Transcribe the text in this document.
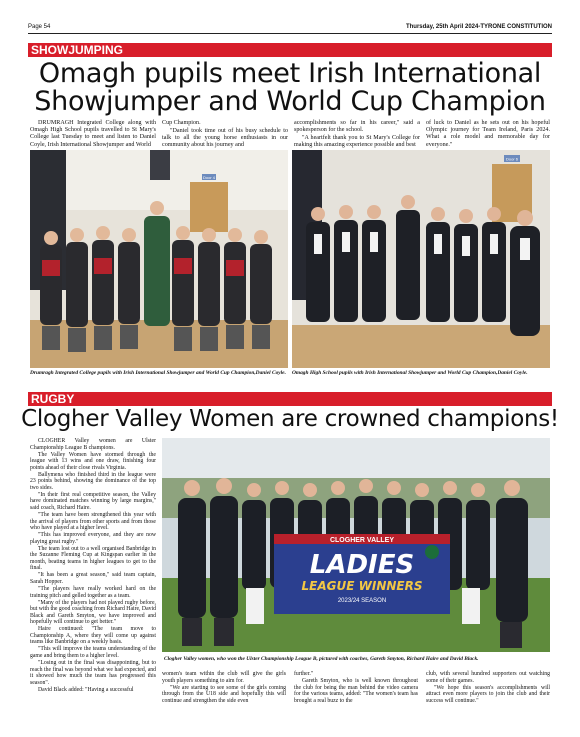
Page 54	Thursday, 25th April 2024-TYRONE CONSTITUTION
SHOWJUMPING
Omagh pupils meet Irish International
Showjumper and World Cup Champion

DRUMRAGH Integrated College along with Omagh High School pupils travelled to St Mary's College last Tuesday to meet and listen to Daniel Coyle, Irish International Showjumper and World

Cup Champion.

"Daniel took time out of his busy schedule to talk to all the young horse enthusiasts in our community about his journey and

accomplishments so far in his career," said a spokesperson for the school.

"A heartfelt thank you to St Mary's College for making this amazing experience possible and best

of luck to Daniel as he sets out on his hopeful Olympic journey for Team Ireland, Paris 2024. What a role model and memorable day for everyone."

Door 4
Door 6
Drumragh Integrated College pupils with Irish International Showjumper and World Cup Champion,Daniel Coyle.	Omagh High School pupils with Irish International Showjumper and World Cup Champion,Daniel Coyle.
RUGBY
Clogher Valley Women are crowned champions!

CLOGHER Valley women are Ulster Championship League B champions.

The Valley Women have stormed through the league with 13 wins and one draw, finishing four points ahead of their close rivals Virginia.

Ballymena who finished third in the league were 23 points behind, showing the dominance of the top two sides.

"In their first real competitive season, the Valley have dominated matches winning by large margins," said coach, Richard Haire.

"The team have been strengthened this year with the arrival of players from other sports and from those who have played at a higher level.

"This has improved everyone, and they are now playing great rugby."

The team lost out to a well organised Banbridge in the Suzanne Fleming Cup at Kingspan earlier in the month, beating teams in higher leagues to get to the final.

"It has been a great season," said team captain, Sarah Hopper.

"The players have really worked hard on the training pitch and gelled together as a team.

"Many of the players had not played rugby before, but with the good coaching from Richard Haire, David Black and Gareth Smyton, we have improved and hopefully will continue to get better."

Haire continued: "The team move to Championship A, where they will come up against teams like Banbridge on a weekly basis.

"This will improve the teams understanding of the game and bring them to a higher level.

"Losing out in the final was disappointing, but to reach the final was beyond what we had expected, and it showed how much the team has progressed this season".

David Black added: "Having a successful

CLOGHER VALLEY
LADIES
LEAGUE WINNERS
2023/24 SEASON
Clogher Valley women, who won the Ulster Championship League B, pictured with coaches, Gareth Smyton, Richard Haire and David Black.

women's team within the club will give the girls youth players something to aim for.

"We are starting to see some of the girls coming through from the U18 side and hopefully this will continue and strengthen the side even

further."

Gareth Smyton, who is well known throughout the club for being the man behind the video camera for the various teams, added: "The women's team has brought a real buzz to the

club, with several hundred supporters out watching some of their games.

"We hope this season's accomplishments will attract even more players to join the club and their success will continue."
